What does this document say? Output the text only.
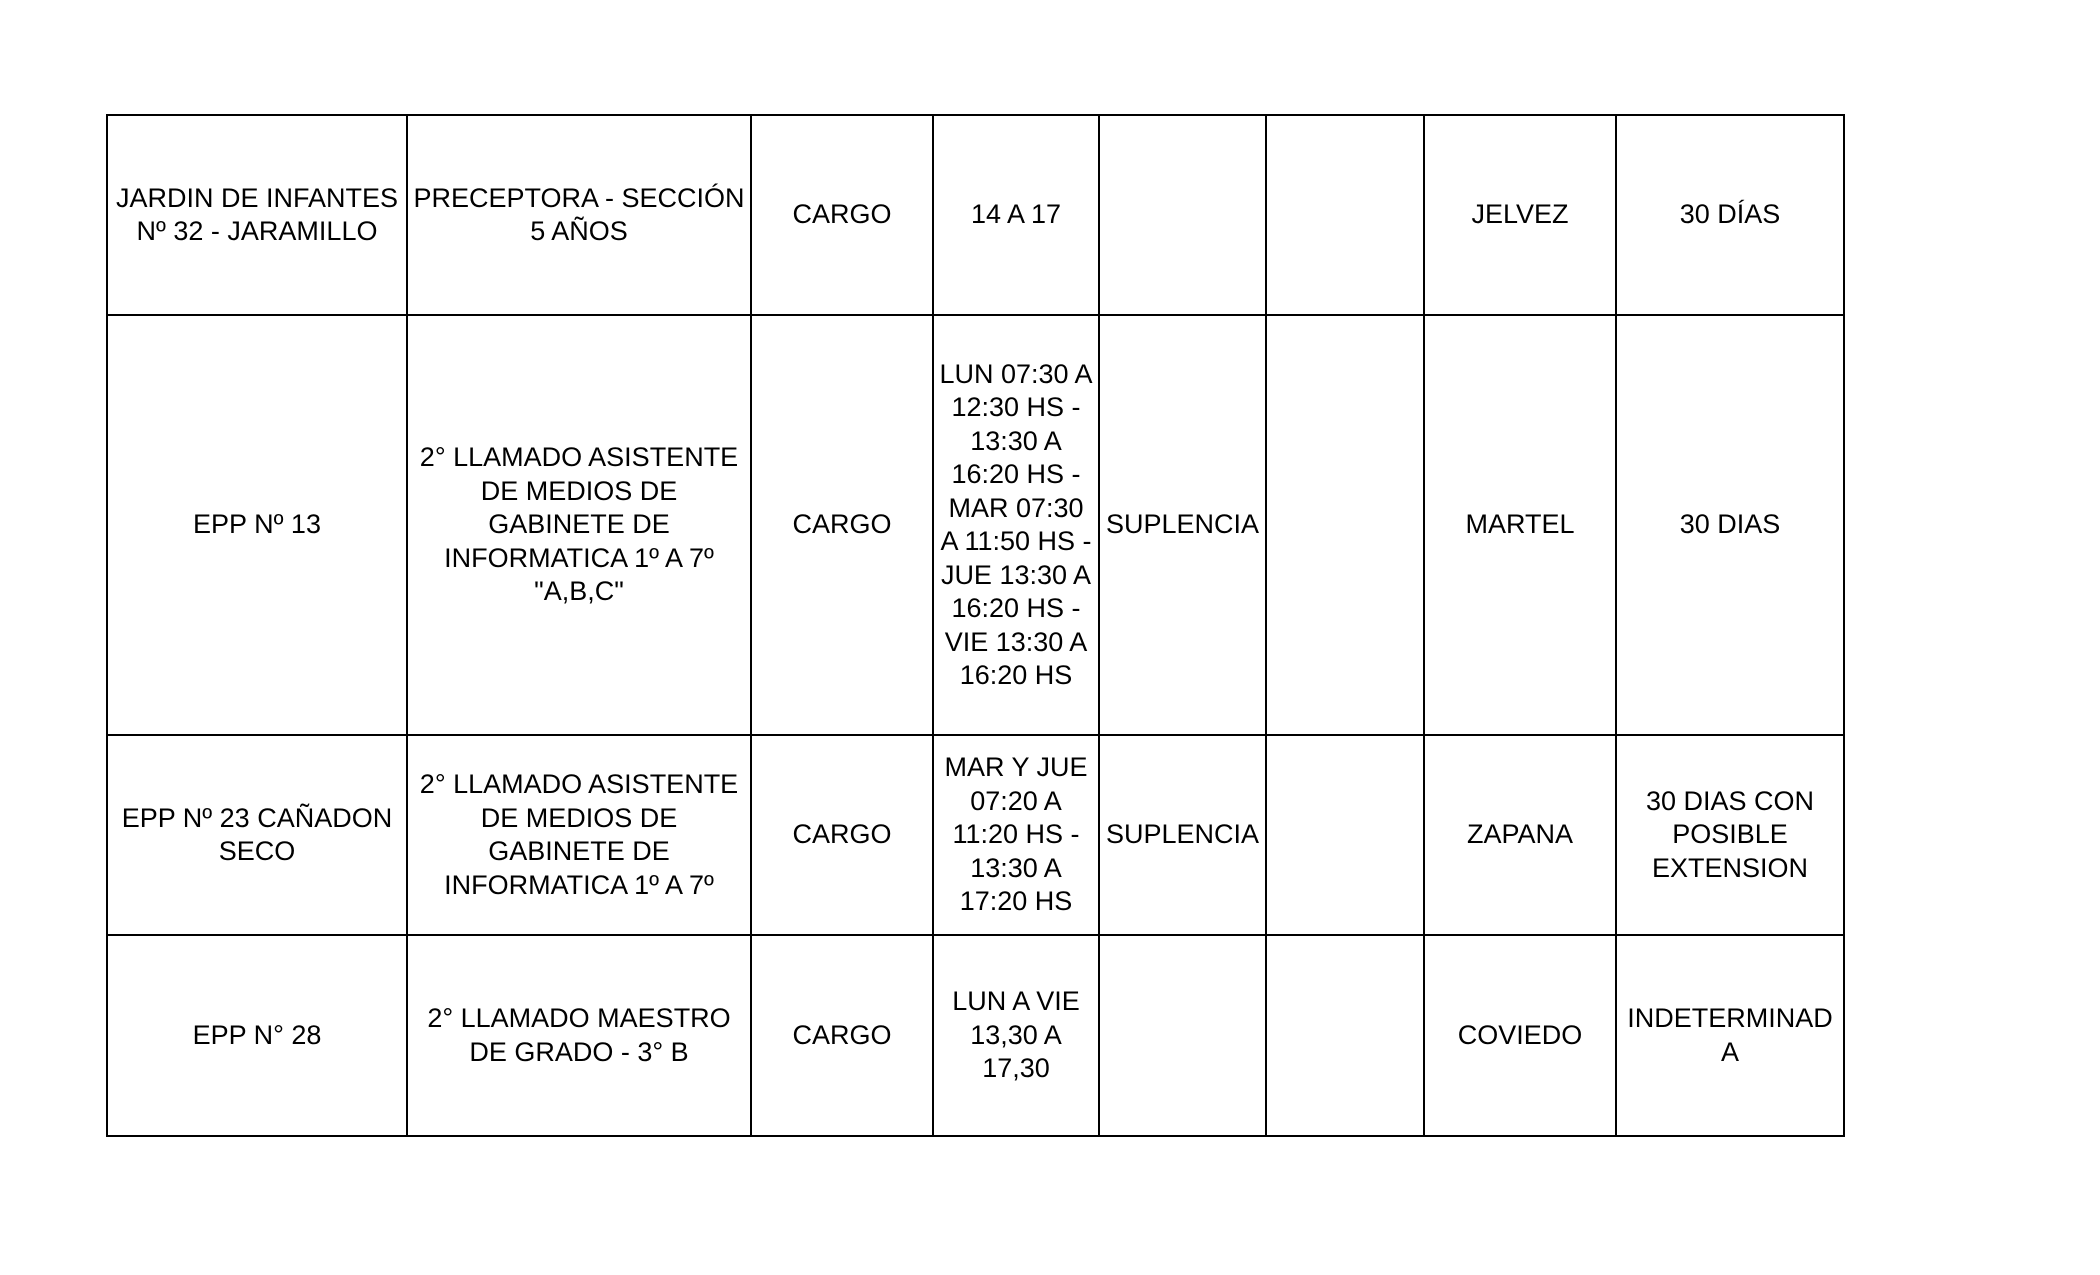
JARDIN DE INFANTES Nº 32 - JARAMILLO	PRECEPTORA - SECCIÓN 5 AÑOS	CARGO	14 A 17			JELVEZ	30 DÍAS
EPP Nº 13	2° LLAMADO ASISTENTE DE MEDIOS DE GABINETE DE INFORMATICA 1º A 7º "A,B,C"	CARGO	LUN 07:30 A 12:30 HS - 13:30 A 16:20 HS - MAR 07:30 A 11:50 HS - JUE 13:30 A 16:20 HS - VIE 13:30 A 16:20 HS	SUPLENCIA		MARTEL	30 DIAS
EPP Nº 23 CAÑADON SECO	2° LLAMADO ASISTENTE DE MEDIOS DE GABINETE DE INFORMATICA 1º A 7º	CARGO	MAR Y JUE 07:20 A 11:20 HS - 13:30 A 17:20 HS	SUPLENCIA		ZAPANA	30 DIAS CON POSIBLE EXTENSION
EPP N° 28	2° LLAMADO MAESTRO DE GRADO - 3° B	CARGO	LUN A VIE 13,30 A 17,30			COVIEDO	INDETERMINADA
